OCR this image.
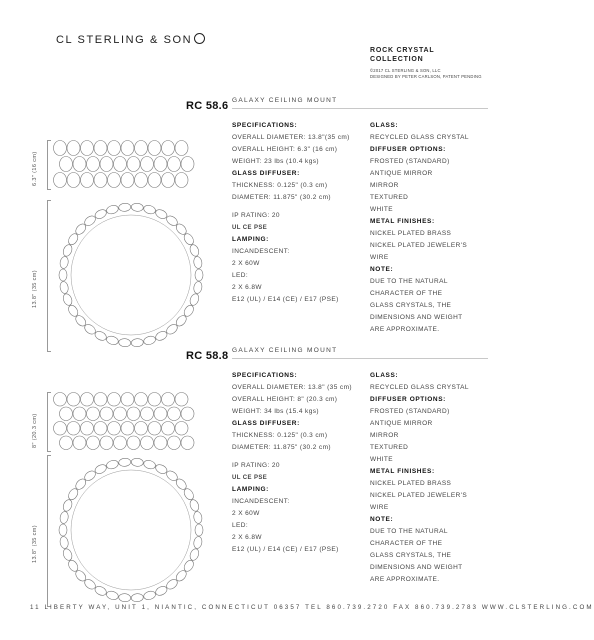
CL STERLING & SON
ROCK CRYSTAL
COLLECTION
©2017 CL STERLING & SON, LLC
DESIGNED BY PETER CARLSON, PATENT PENDING
RC 58.6 GALAXY CEILING MOUNT
6.3" (16 cm)
13.8" (35 cm)
SPECIFICATIONS:
OVERALL DIAMETER: 13.8"(35 cm)
OVERALL HEIGHT: 6.3" (16 cm)
WEIGHT: 23 lbs (10.4 kgs)
GLASS DIFFUSER:
THICKNESS: 0.125" (0.3 cm)
DIAMETER: 11.875" (30.2 cm)
IP RATING: 20
UL CE PSE
LAMPING:
INCANDESCENT:
2 X 60W
LED:
2 X 6.8W
E12 (UL) / E14 (CE) / E17 (PSE)
GLASS:
RECYCLED GLASS CRYSTAL
DIFFUSER OPTIONS:
FROSTED (STANDARD)
ANTIQUE MIRROR
MIRROR
TEXTURED
WHITE
METAL FINISHES:
NICKEL PLATED BRASS
NICKEL PLATED JEWELER'S
WIRE
NOTE:
DUE TO THE NATURAL
CHARACTER OF THE
GLASS CRYSTALS, THE
DIMENSIONS AND WEIGHT
ARE APPROXIMATE.
RC 58.8 GALAXY CEILING MOUNT
8" (20.3 cm)
13.8" (35 cm)
SPECIFICATIONS:
OVERALL DIAMETER: 13.8" (35 cm)
OVERALL HEIGHT: 8" (20.3 cm)
WEIGHT: 34 lbs (15.4 kgs)
GLASS DIFFUSER:
THICKNESS: 0.125" (0.3 cm)
DIAMETER: 11.875" (30.2 cm)
IP RATING: 20
UL CE PSE
LAMPING:
INCANDESCENT:
2 X 60W
LED:
2 X 6.8W
E12 (UL) / E14 (CE) / E17 (PSE)
GLASS:
RECYCLED GLASS CRYSTAL
DIFFUSER OPTIONS:
FROSTED (STANDARD)
ANTIQUE MIRROR
MIRROR
TEXTURED
WHITE
METAL FINISHES:
NICKEL PLATED BRASS
NICKEL PLATED JEWELER'S
WIRE
NOTE:
DUE TO THE NATURAL
CHARACTER OF THE
GLASS CRYSTALS, THE
DIMENSIONS AND WEIGHT
ARE APPROXIMATE.
11 LIBERTY WAY, UNIT 1, NIANTIC, CONNECTICUT 06357 TEL 860.739.2720 FAX 860.739.2783 WWW.CLSTERLING.COM
